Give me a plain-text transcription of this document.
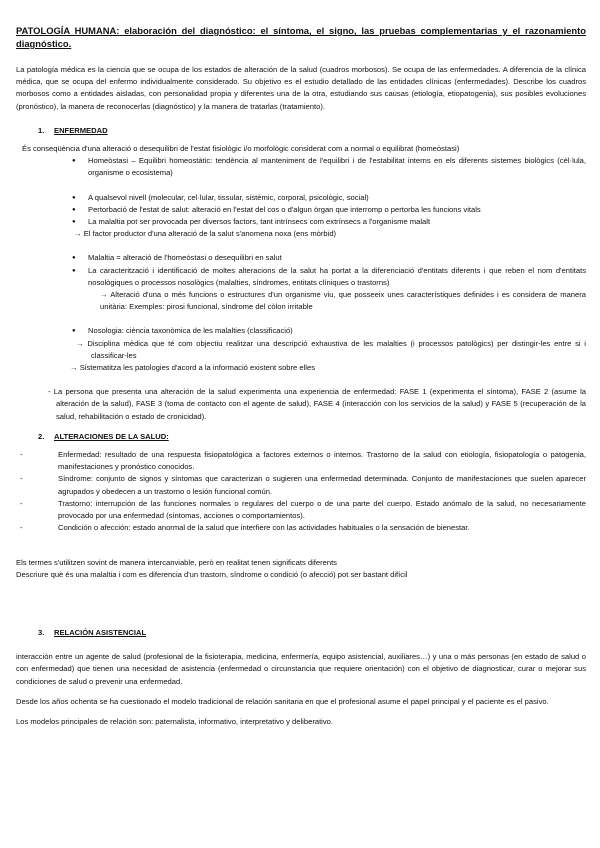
PATOLOGÍA HUMANA: elaboración del diagnóstico: el síntoma, el signo, las pruebas complementarias y el razonamiento diagnóstico.

La patología médica es la ciencia que se ocupa de los estados de alteración de la salud (cuadros morbosos). Se ocupa de las enfermedades. A diferencia de la clínica médica, que se ocupa del enfermo individualmente considerado. Su objetivo es el estudio detallado de las entidades clínicas (enfermedades). Describe los cuadros morbosos como a entidades aisladas, con personalidad propia y diferentes una de la otra, estudiando sus causas (etiología, etiopatogenia), sus posibles evoluciones (pronóstico), la manera de reconocerlas (diagnóstico) y la manera de tratarlas (tratamiento).

1. ENFERMEDAD

És conseqüència d'una alteració o desequilibri de l'estat fisiològic i/o morfològic considerat com a normal o equilibrat (homeòstasi)

● Homeòstasi – Equilibri homeostàtic: tendència al manteniment de l'equilibri i de l'estabilitat interns en els diferents sistemes biològics (cèl·lula, organisme o ecosistema)
● A qualsevol nivell (molecular, cel·lular, tissular, sistèmic, corporal, psicològic, social)
● Pertorbació de l'estat de salut: alteració en l'estat del cos o d'algun òrgan que interromp o pertorba les funcions vitals
● La malaltia pot ser provocada per diversos factors, tant intrínsecs com extrínsecs a l'organisme malalt

→ El factor productor d'una alteració de la salut s'anomena noxa (ens mòrbid)

● Malaltia = alteració de l'homeòstasi o desequilibri en salut
● La caracterització i identificació de moltes alteracions de la salut ha portat a la diferenciació d'entitats diferents i que reben el nom d'entitats nosològiques o processos nosològics (malalties, síndromes, entitats clíniques o trastorns)

→ Alteració d'una o més funcions o estructures d'un organisme viu, que posseeix unes característiques definides i es considera de manera unitària: Exemples: pirosi funcional, síndrome del còlon irritable

● Nosologia: ciència taxonòmica de les malalties (classificació)
→ Disciplina mèdica que té com objectiu realitzar una descripció exhaustiva de les malalties (i processos patològics) per distingir-les entre si i classificar-les

→ Sistematitza les patologies d'acord a la informació existent sobre elles

- La persona que presenta una alteración de la salud experimenta una experiencia de enfermedad: FASE 1 (experimenta el síntoma), FASE 2 (asume la alteración de la salud), FASE 3 (toma de contacto con el agente de salud), FASE 4 (interacción con los servicios de la salud) y FASE 5 (recuperación de la salud, rehabilitación o estado de cronicidad).

2. ALTERACIONES DE LA SALUD:
- Enfermedad: resultado de una respuesta fisiopatológica a factores externos o internos. Trastorno de la salud con etiología, fisiopatología o patogenia, manifestaciones y pronóstico conocidos.
- Síndrome: conjunto de signos y síntomas que caracterizan o sugieren una enfermedad determinada. Conjunto de manifestaciones que suelen aparecer agrupados y obedecen a un trastorno o lesión funcional común.
- Trastorno: interrupción de las funciones normales o regulares del cuerpo o de una parte del cuerpo. Estado anómalo de la salud, no necesariamente provocado por una enfermedad (síntomas, acciones o comportamientos).
- Condición o afección: estado anormal de la salud que interfiere con las actividades habituales o la sensación de bienestar.

Els termes s'utilitzen sovint de manera intercanviable, però en realitat tenen significats diferents

Descriure què és una malaltia i com es diferencia d'un trastorn, síndrome o condició (o afecció) pot ser bastant difícil

3. RELACIÓN ASISTENCIAL

interacción entre un agente de salud (profesional de la fisioterapia, medicina, enfermería, equipo asistencial, auxiliares…) y una o más personas (en estado de salud o con enfermedad) que tienen una necesidad de asistencia (enfermedad o circunstancia que requiere orientación) con el objetivo de diagnosticar, curar o mejorar sus condiciones de salud o prevenir una enfermedad.

Desde los años ochenta se ha cuestionado el modelo tradicional de relación sanitaria en que el profesional asume el papel principal y el paciente es el pasivo.

Los modelos principales de relación son: paternalista, informativo, interpretativo y deliberativo.
